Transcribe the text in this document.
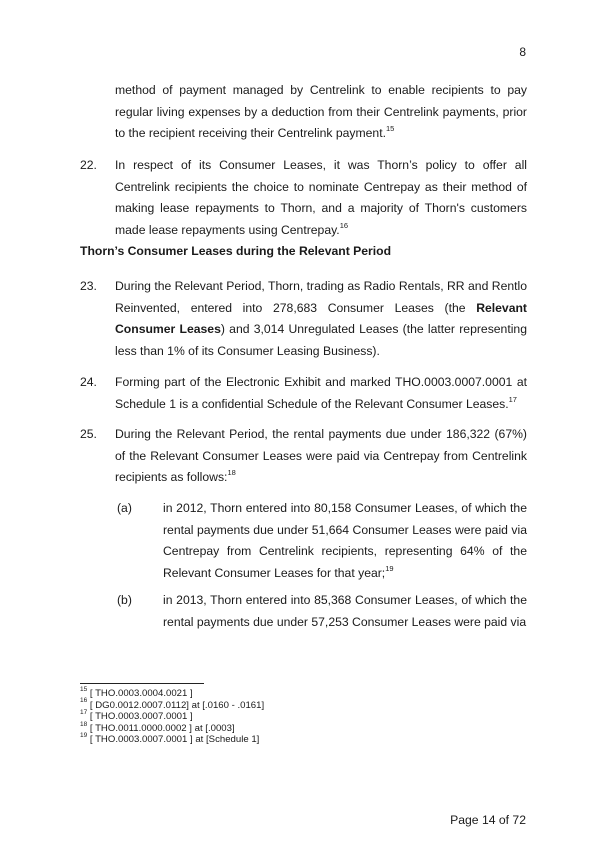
8

method of payment managed by Centrelink to enable recipients to pay regular living expenses by a deduction from their Centrelink payments, prior to the recipient receiving their Centrelink payment.$^{15}$

22. In respect of its Consumer Leases, it was Thorn’s policy to offer all Centrelink recipients the choice to nominate Centrepay as their method of making lease repayments to Thorn, and a majority of Thorn's customers made lease repayments using Centrepay.$^{16}$

Thorn’s Consumer Leases during the Relevant Period
23. During the Relevant Period, Thorn, trading as Radio Rentals, RR and Rentlo Reinvented, entered into 278,683 Consumer Leases (the Relevant Consumer Leases) and 3,014 Unregulated Leases (the latter representing less than 1% of its Consumer Leasing Business).

24. Forming part of the Electronic Exhibit and marked THO.0003.0007.0001 at Schedule 1 is a confidential Schedule of the Relevant Consumer Leases.$^{17}$

25. During the Relevant Period, the rental payments due under 186,322 (67%) of the Relevant Consumer Leases were paid via Centrepay from Centrelink recipients as follows:$^{18}$

(a)	in 2012, Thorn entered into 80,158 Consumer Leases, of which the rental payments due under 51,664 Consumer Leases were paid via Centrepay from Centrelink recipients, representing 64% of the Relevant Consumer Leases for that year;$^{19}$

(b)	in 2013, Thorn entered into 85,368 Consumer Leases, of which the rental payments due under 57,253 Consumer Leases were paid via

$^{15}$ [ THO.0003.0004.0021 ]
$^{16}$ [ DG0.0012.0007.0112] at [.0160 - .0161]
$^{17}$ [ THO.0003.0007.0001 ]
$^{18}$ [ THO.0011.0000.0002 ] at [.0003]
$^{19}$ [ THO.0003.0007.0001 ] at [Schedule 1]
Page 14 of 72
